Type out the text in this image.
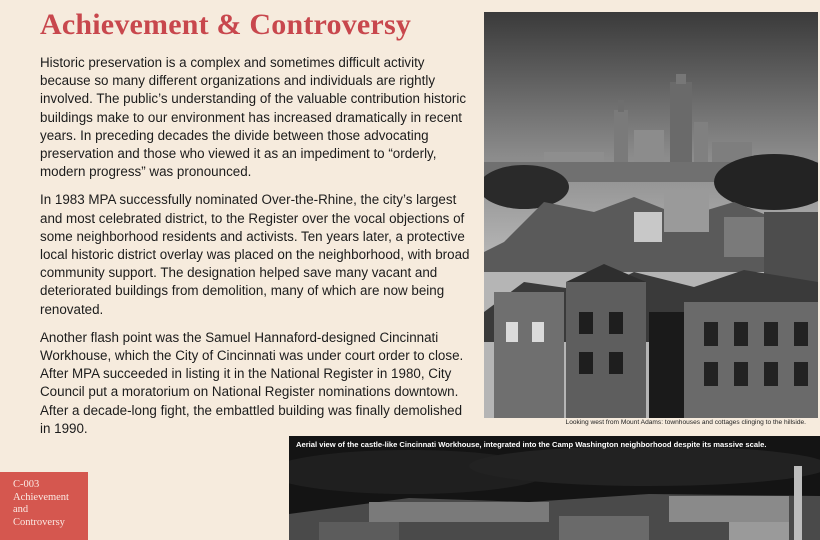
Achievement & Controversy

Historic preservation is a complex and sometimes difficult activity because so many different organizations and individuals are rightly involved. The public’s understanding of the valuable contribution historic buildings make to our environment has increased dramatically in recent years. In preceding decades the divide between those advocating preservation and those who viewed it as an impediment to “orderly, modern progress” was pronounced.

In 1983 MPA successfully nominated Over-the-Rhine, the city’s largest and most celebrated district, to the Register over the vocal objections of some neighborhood residents and activists. Ten years later, a protective local historic district overlay was placed on the neighborhood, with broad community support. The designation helped save many vacant and deteriorated buildings from demolition, many of which are now being renovated.

Another flash point was the Samuel Hannaford-designed Cincinnati Workhouse, which the City of Cincinnati was under court order to close. After MPA succeeded in listing it in the National Register in 1980, City Council put a moratorium on National Register nominations downtown. After a decade-long fight, the embattled building was finally demolished in 1990.	Looking west from Mount Adams: townhouses and cottages clinging to the hillside.
Aerial view of the castle-like Cincinnati Workhouse, integrated into the Camp Washington neighborhood despite its massive scale.
C-003
Achievement
and
Controversy
